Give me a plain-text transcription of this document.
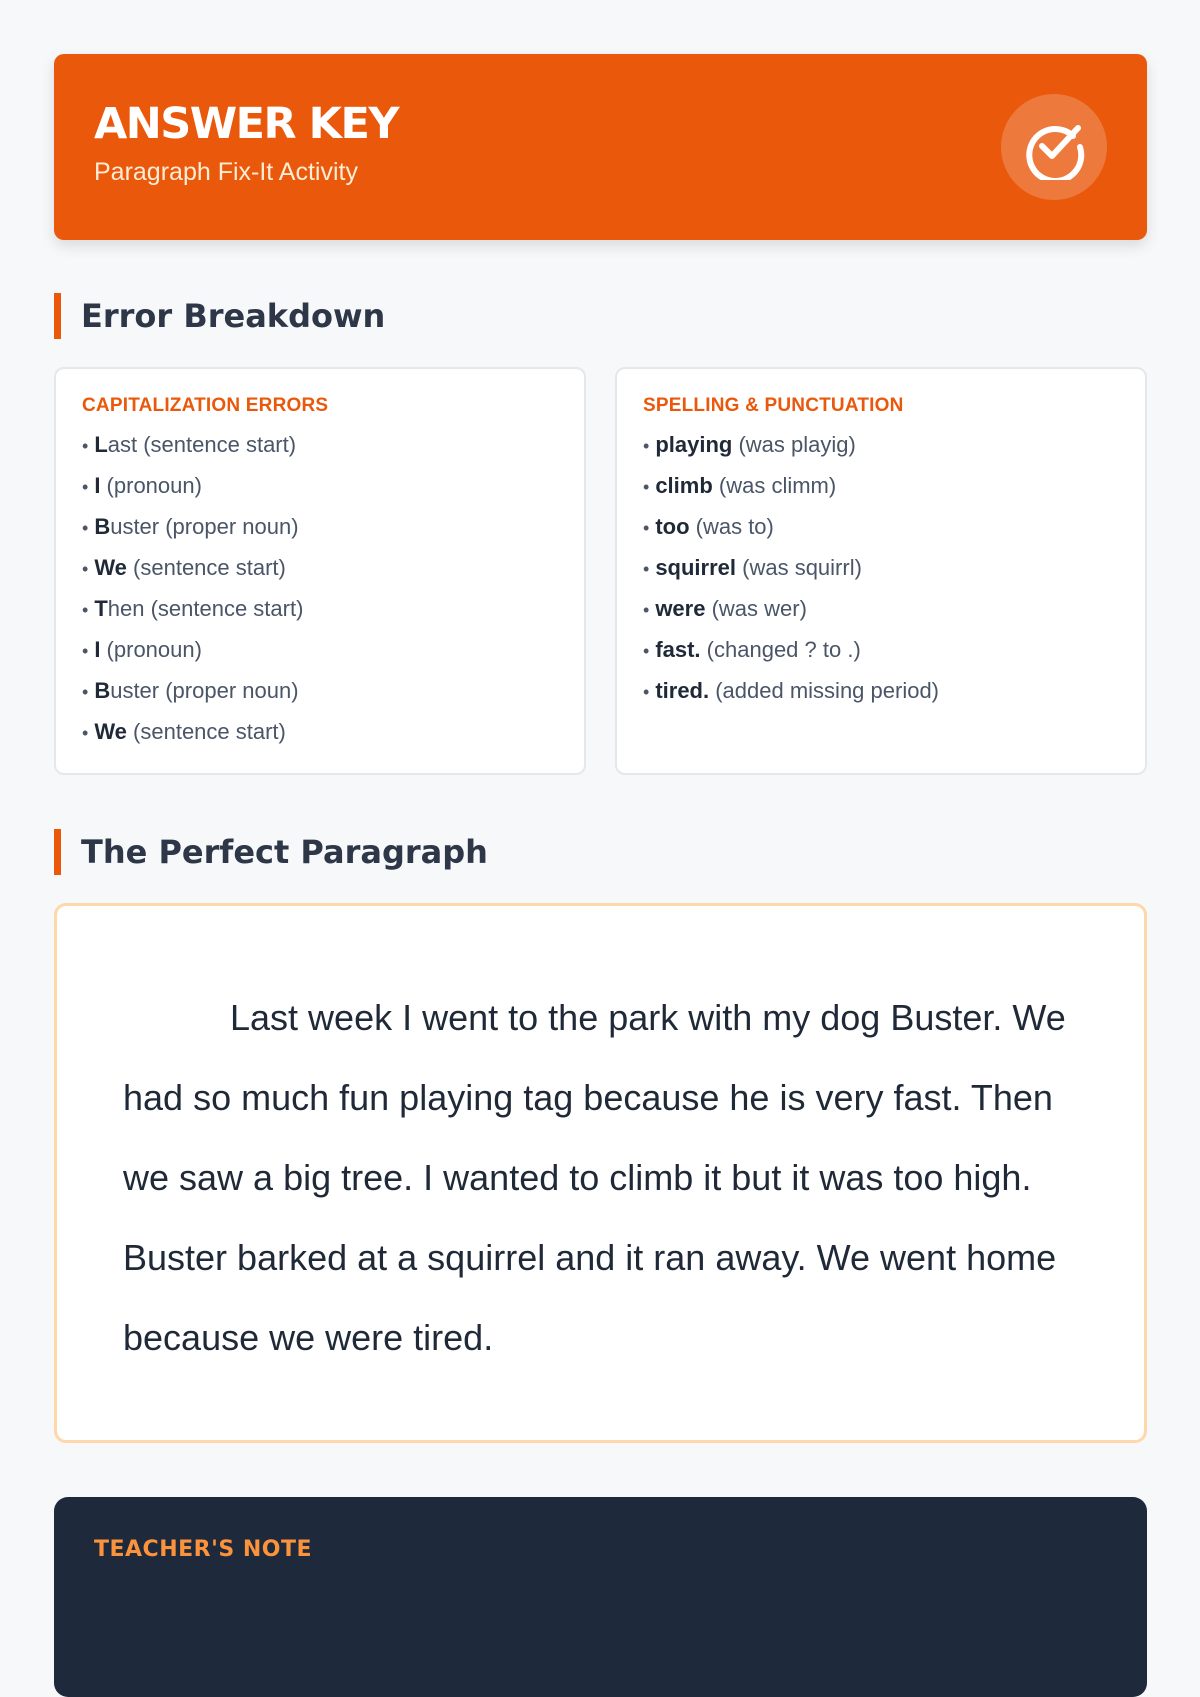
ANSWER KEY
Paragraph Fix-It Activity
Error Breakdown
CAPITALIZATION ERRORS
• Last (sentence start)
• I (pronoun)
• Buster (proper noun)
• We (sentence start)
• Then (sentence start)
• I (pronoun)
• Buster (proper noun)
• We (sentence start)
SPELLING & PUNCTUATION
• playing (was playig)
• climb (was climm)
• too (was to)
• squirrel (was squirrl)
• were (was wer)
• fast. (changed ? to .)
• tired. (added missing period)
The Perfect Paragraph

Last week I went to the park with my dog Buster. We had so much fun playing tag because he is very fast. Then we saw a big tree. I wanted to climb it but it was too high. Buster barked at a squirrel and it ran away. We went home because we were tired.

TEACHER'S NOTE
